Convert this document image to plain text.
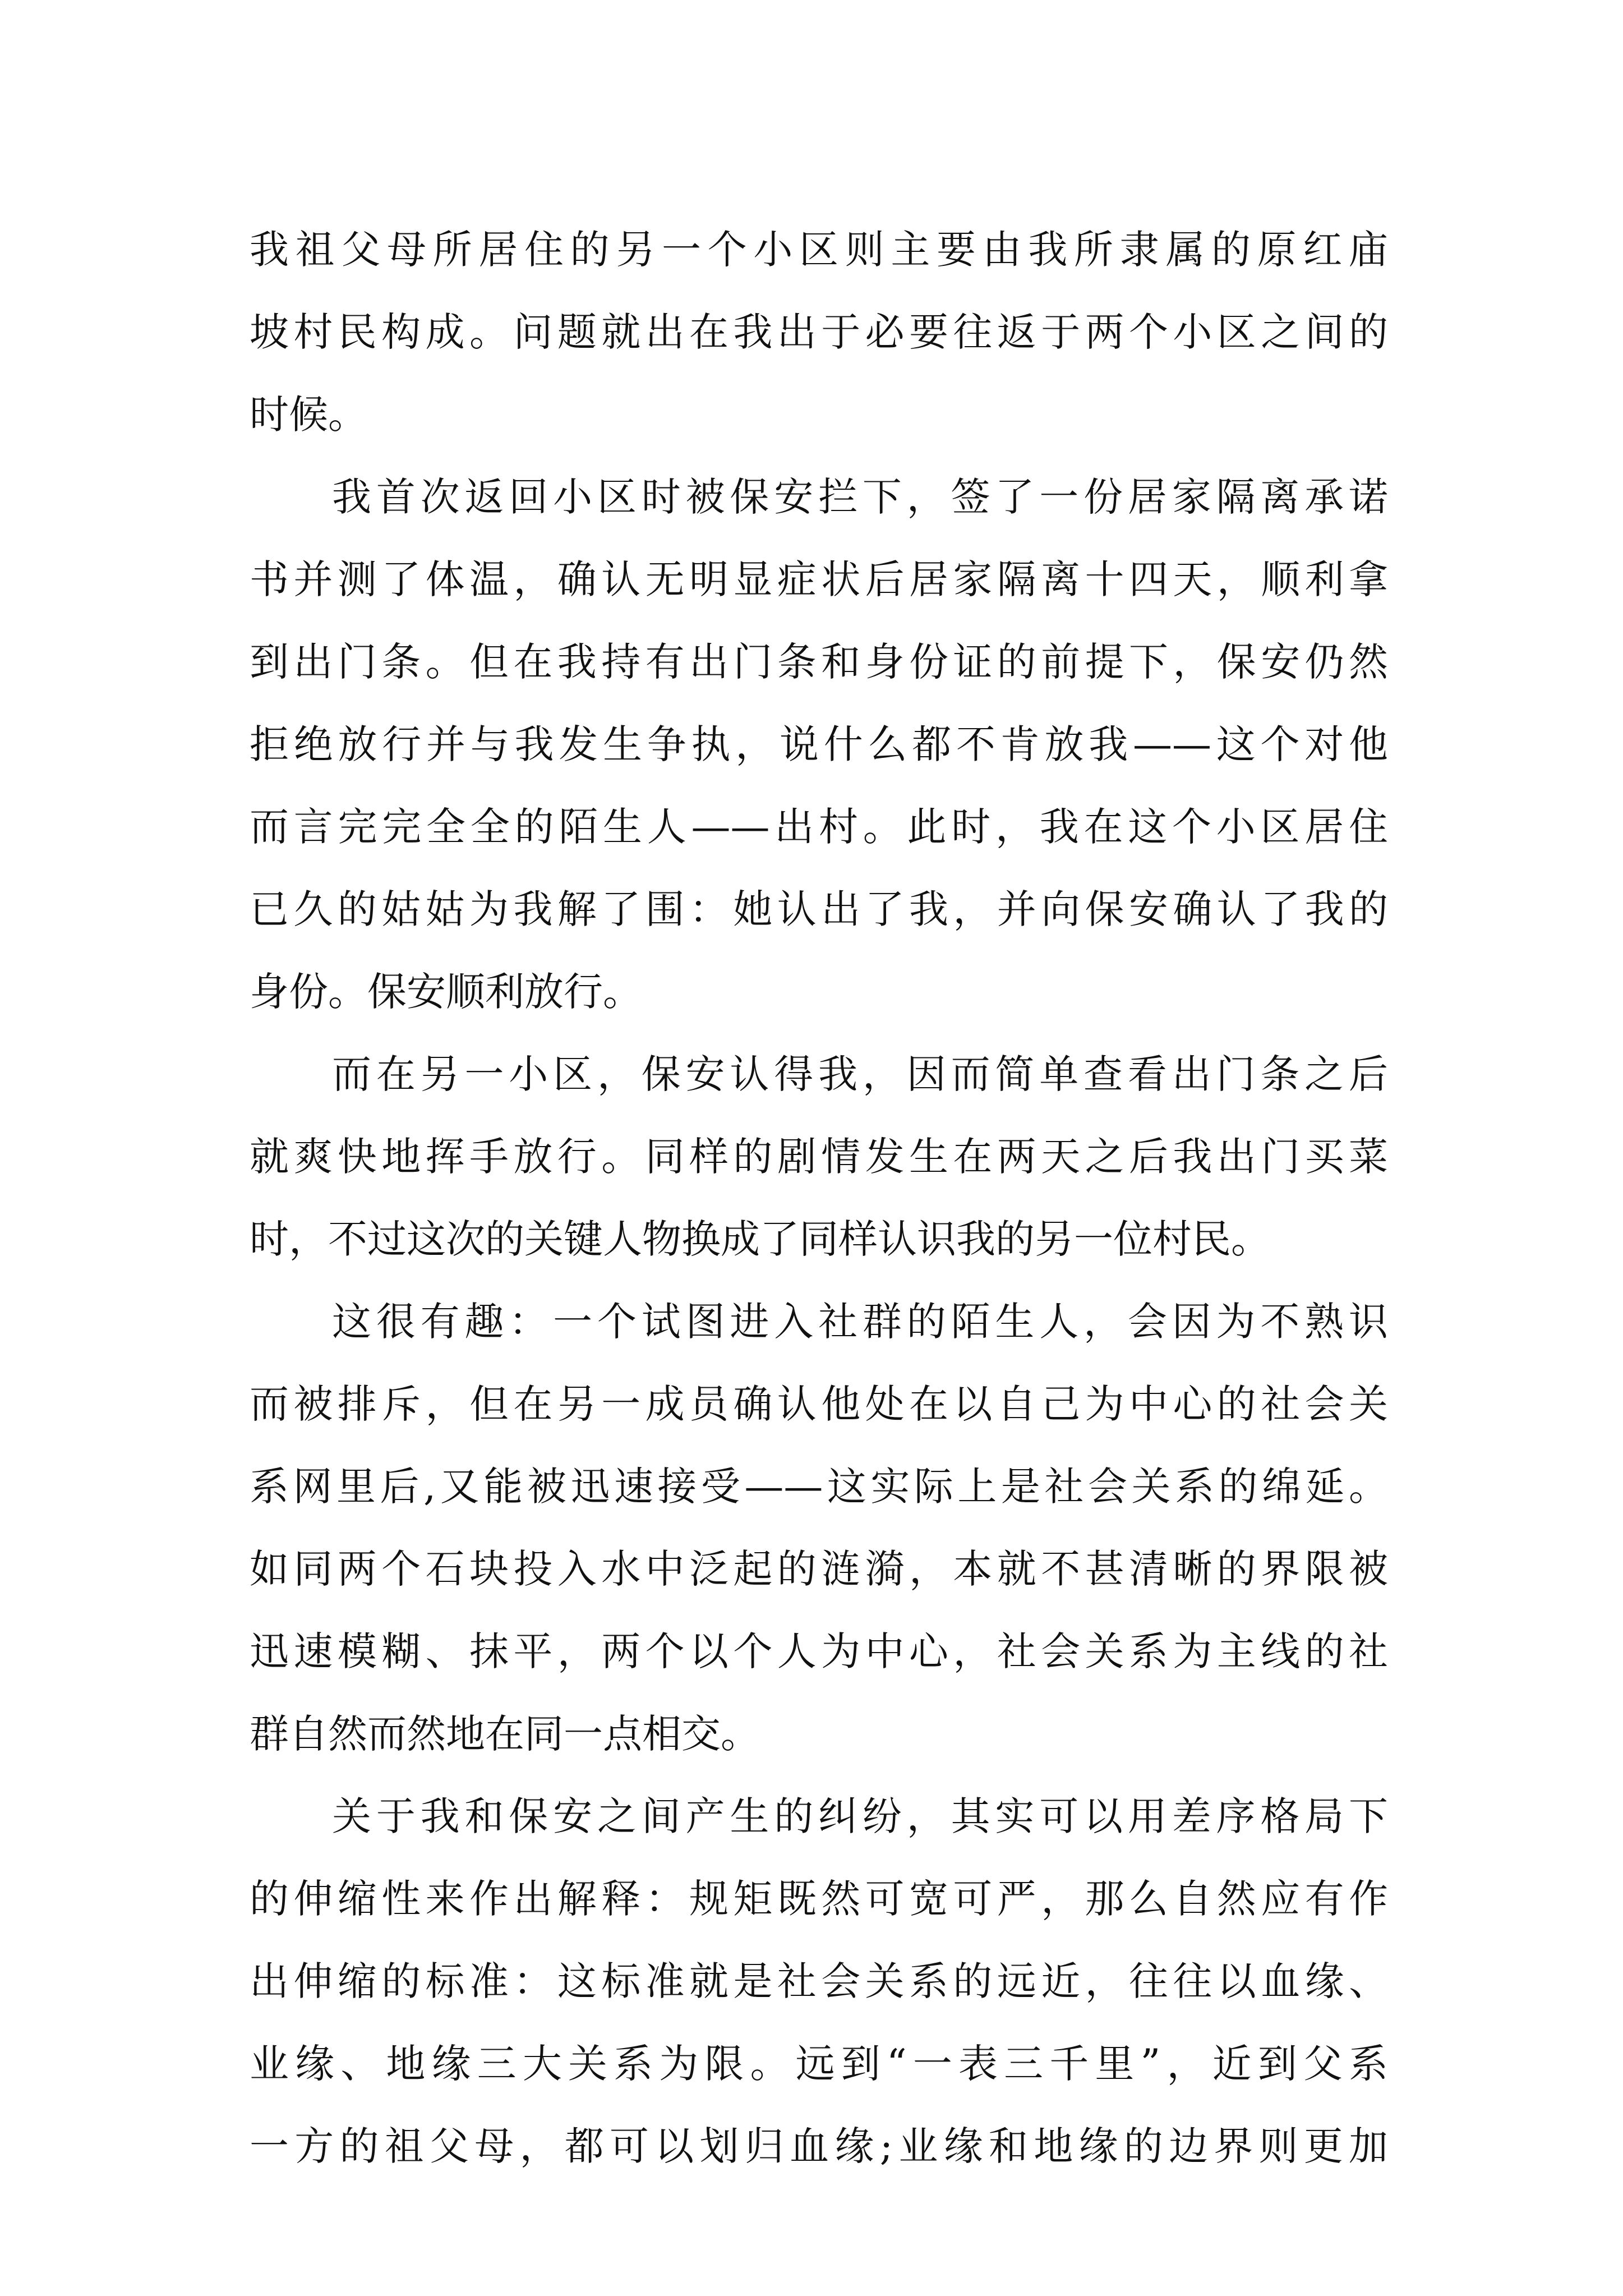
我祖父母所居住的另一个小区则主要由我所隶属的原红庙
坡村民构成。问题就出在我出于必要往返于两个小区之间的
时候。
我首次返回小区时被保安拦下，签了一份居家隔离承诺
书并测了体温，确认无明显症状后居家隔离十四天，顺利拿
到出门条。但在我持有出门条和身份证的前提下，保安仍然
拒绝放行并与我发生争执，说什么都不肯放我——这个对他
而言完完全全的陌生人——出村。此时，我在这个小区居住
已久的姑姑为我解了围：她认出了我，并向保安确认了我的
身份。保安顺利放行。
而在另一小区，保安认得我，因而简单查看出门条之后
就爽快地挥手放行。同样的剧情发生在两天之后我出门买菜
时，不过这次的关键人物换成了同样认识我的另一位村民。
这很有趣：一个试图进入社群的陌生人，会因为不熟识
而被排斥，但在另一成员确认他处在以自己为中心的社会关
系网里后,又能被迅速接受——这实际上是社会关系的绵延。
如同两个石块投入水中泛起的涟漪，本就不甚清晰的界限被
迅速模糊、抹平，两个以个人为中心，社会关系为主线的社
群自然而然地在同一点相交。
关于我和保安之间产生的纠纷，其实可以用差序格局下
的伸缩性来作出解释：规矩既然可宽可严，那么自然应有作
出伸缩的标准：这标准就是社会关系的远近，往往以血缘、
业缘、地缘三大关系为限。远到“一表三千里”，近到父系
一方的祖父母，都可以划归血缘;业缘和地缘的边界则更加
